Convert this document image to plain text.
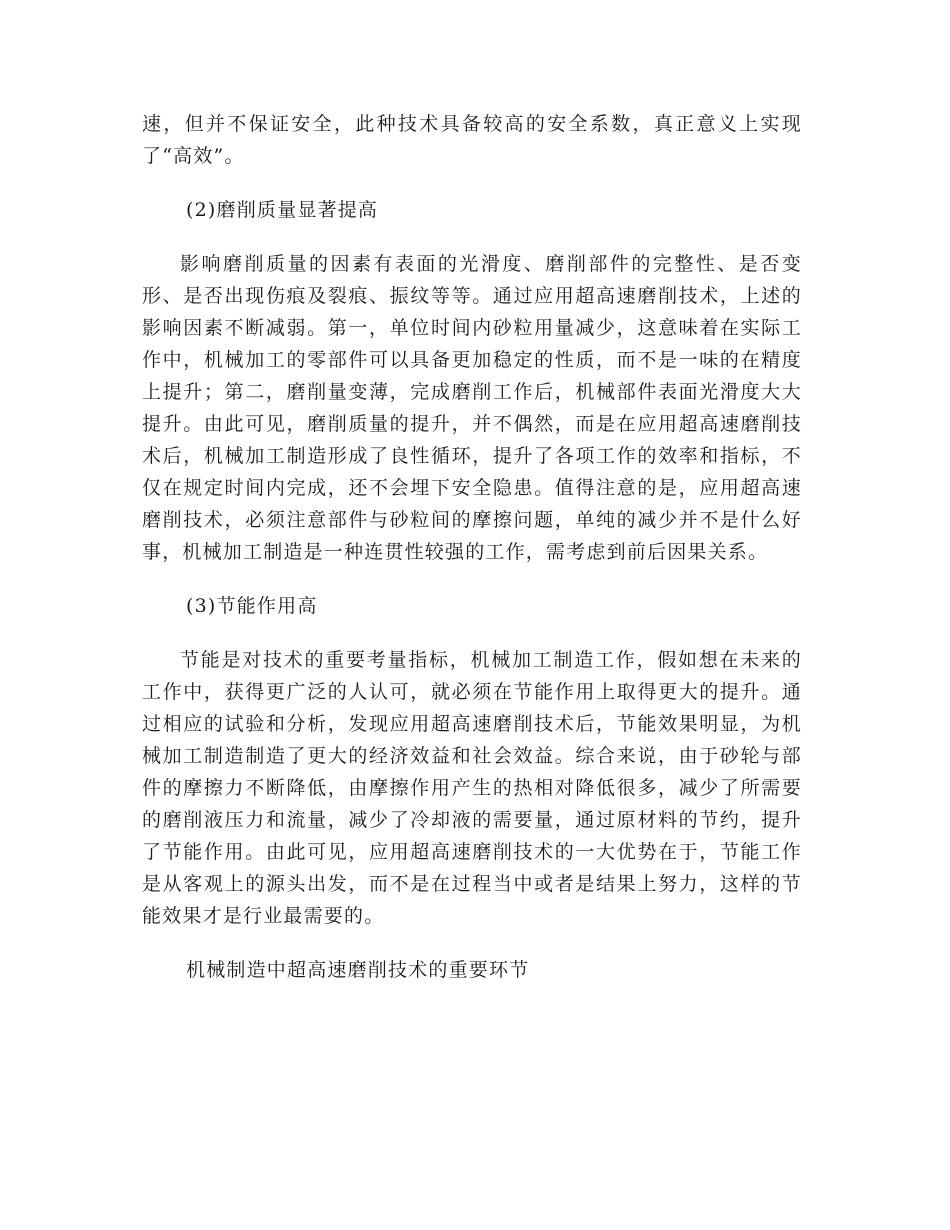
速，但并不保证安全，此种技术具备较高的安全系数，真正意义上实现了“高效”。

(2)磨削质量显著提高

影响磨削质量的因素有表面的光滑度、磨削部件的完整性、是否变形、是否出现伤痕及裂痕、振纹等等。通过应用超高速磨削技术，上述的影响因素不断减弱。第一，单位时间内砂粒用量减少，这意味着在实际工作中，机械加工的零部件可以具备更加稳定的性质，而不是一味的在精度上提升；第二，磨削量变薄，完成磨削工作后，机械部件表面光滑度大大提升。由此可见，磨削质量的提升，并不偶然，而是在应用超高速磨削技术后，机械加工制造形成了良性循环，提升了各项工作的效率和指标，不仅在规定时间内完成，还不会埋下安全隐患。值得注意的是，应用超高速磨削技术，必须注意部件与砂粒间的摩擦问题，单纯的减少并不是什么好事，机械加工制造是一种连贯性较强的工作，需考虑到前后因果关系。

(3)节能作用高

节能是对技术的重要考量指标，机械加工制造工作，假如想在未来的工作中，获得更广泛的人认可，就必须在节能作用上取得更大的提升。通过相应的试验和分析，发现应用超高速磨削技术后，节能效果明显，为机械加工制造制造了更大的经济效益和社会效益。综合来说，由于砂轮与部件的摩擦力不断降低，由摩擦作用产生的热相对降低很多，减少了所需要的磨削液压力和流量，减少了冷却液的需要量，通过原材料的节约，提升了节能作用。由此可见，应用超高速磨削技术的一大优势在于，节能工作是从客观上的源头出发，而不是在过程当中或者是结果上努力，这样的节能效果才是行业最需要的。

机械制造中超高速磨削技术的重要环节
